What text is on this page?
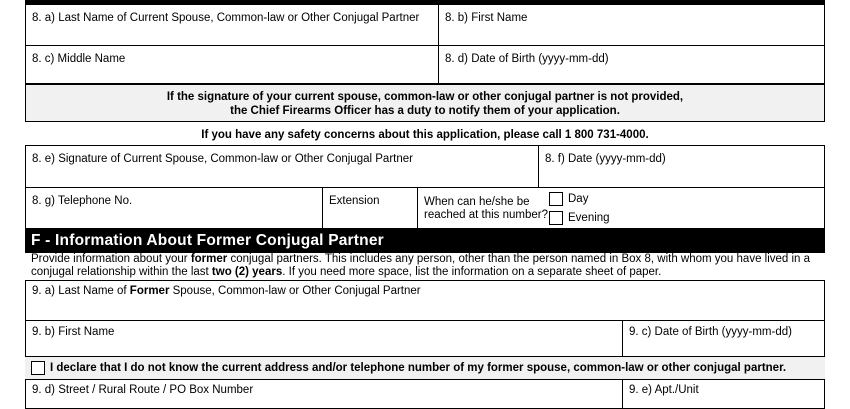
8. a) Last Name of Current Spouse, Common-law or Other Conjugal Partner 8. b) First Name
8. c) Middle Name	8. d) Date of Birth (yyyy-mm-dd)
If the signature of your current spouse, common-law or other conjugal partner is not provided,
the Chief Firearms Officer has a duty to notify them of your application.
If you have any safety concerns about this application, please call 1 800 731-4000.
8. e) Signature of Current Spouse, Common-law or Other Conjugal Partner	8. f) Date (yyyy-mm-dd)
8. g) Telephone No.	Extension	When can he/she be
reached at this number?
Day
Evening
F - Information About Former Conjugal Partner
Provide information about your former conjugal partners. This includes any person, other than the person named in Box 8, with whom you have lived in a
conjugal relationship within the last two (2) years. If you need more space, list the information on a separate sheet of paper.
9. a) Last Name of Former Spouse, Common-law or Other Conjugal Partner
9. b) First Name	9. c) Date of Birth (yyyy-mm-dd)
I declare that I do not know the current address and/or telephone number of my former spouse, common-law or other conjugal partner.
9. d) Street / Rural Route / PO Box Number	9. e) Apt./Unit
